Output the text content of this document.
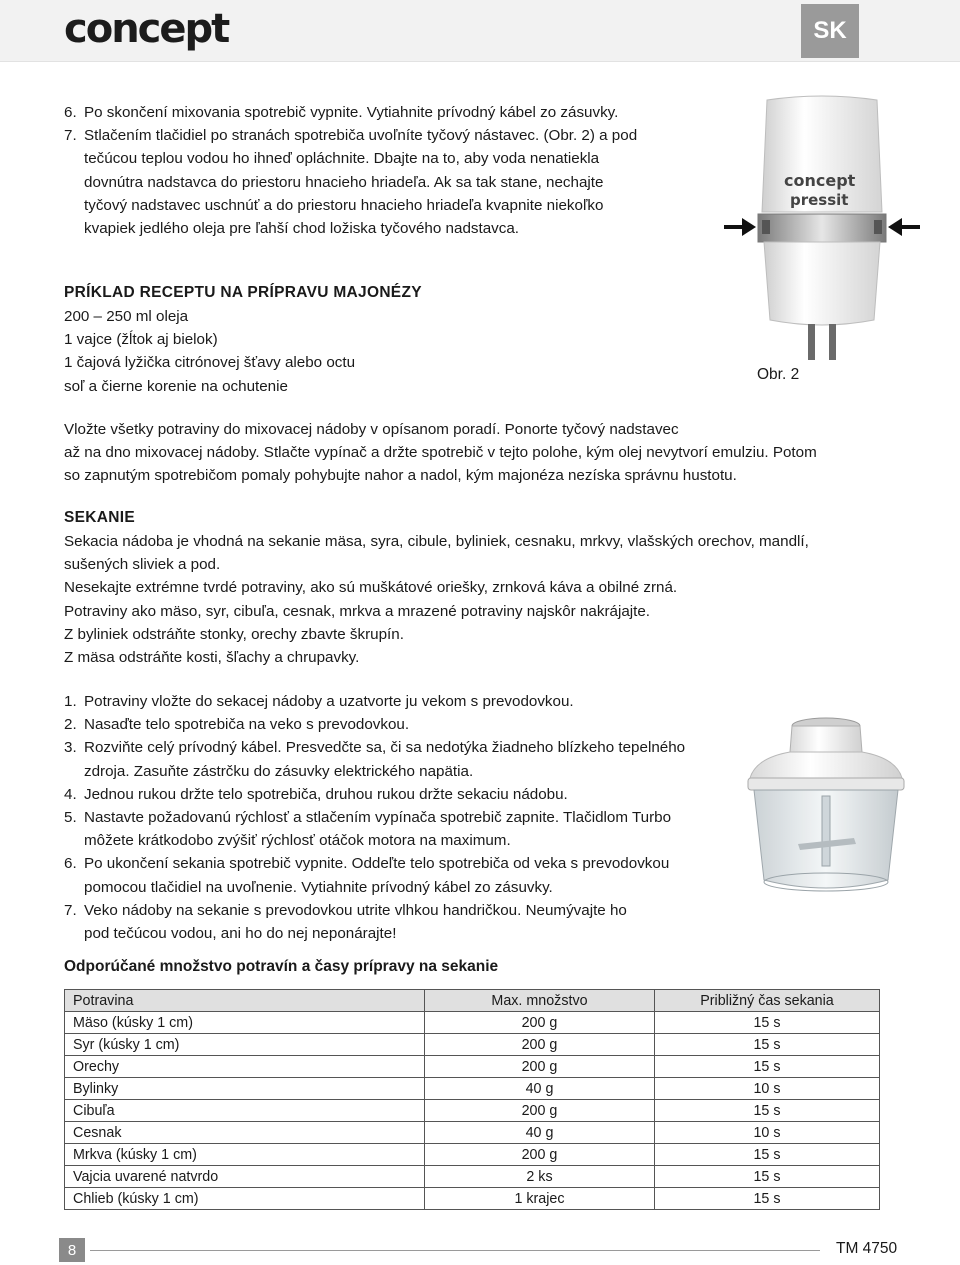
concept	SK
6. Po skončení mixovania spotrebič vypnite. Vytiahnite prívodný kábel zo zásuvky.
7. Stlačením tlačidiel po stranách spotrebiča uvoľníte tyčový nástavec. (Obr. 2) a pod
tečúcou teplou vodou ho ihneď opláchnite. Dbajte na to, aby voda nenatiekla
dovnútra nadstavca do priestoru hnacieho hriadeľa. Ak sa tak stane, nechajte
tyčový nadstavec uschnúť a do priestoru hnacieho hriadeľa kvapnite niekoľko
kvapiek jedlého oleja pre ľahší chod ložiska tyčového nadstavca.
concept
pressit
Obr. 2
PRÍKLAD RECEPTU NA PRÍPRAVU MAJONÉZY
200 – 250 ml oleja
1 vajce (žĺtok aj bielok)
1 čajová lyžička citrónovej šťavy alebo octu
soľ a čierne korenie na ochutenie
Vložte všetky potraviny do mixovacej nádoby v opísanom poradí. Ponorte tyčový nadstavec
až na dno mixovacej nádoby. Stlačte vypínač a držte spotrebič v tejto polohe, kým olej nevytvorí emulziu. Potom
so zapnutým spotrebičom pomaly pohybujte nahor a nadol, kým majonéza nezíska správnu hustotu.
SEKANIE
Sekacia nádoba je vhodná na sekanie mäsa, syra, cibule, byliniek, cesnaku, mrkvy, vlašských orechov, mandlí,
sušených sliviek a pod.
Nesekajte extrémne tvrdé potraviny, ako sú muškátové oriešky, zrnková káva a obilné zrná.
Potraviny ako mäso, syr, cibuľa, cesnak, mrkva a mrazené potraviny najskôr nakrájajte.
Z byliniek odstráňte stonky, orechy zbavte škrupín.
Z mäsa odstráňte kosti, šľachy a chrupavky.
1. Potraviny vložte do sekacej nádoby a uzatvorte ju vekom s prevodovkou.
2. Nasaďte telo spotrebiča na veko s prevodovkou.
3. Rozviňte celý prívodný kábel. Presvedčte sa, či sa nedotýka žiadneho blízkeho tepelného
zdroja. Zasuňte zástrčku do zásuvky elektrického napätia.
4. Jednou rukou držte telo spotrebiča, druhou rukou držte sekaciu nádobu.
5. Nastavte požadovanú rýchlosť a stlačením vypínača spotrebič zapnite. Tlačidlom Turbo
môžete krátkodobo zvýšiť rýchlosť otáčok motora na maximum.
6. Po ukončení sekania spotrebič vypnite. Oddeľte telo spotrebiča od veka s prevodovkou
pomocou tlačidiel na uvoľnenie. Vytiahnite prívodný kábel zo zásuvky.
7. Veko nádoby na sekanie s prevodovkou utrite vlhkou handričkou. Neumývajte ho
pod tečúcou vodou, ani ho do nej neponárajte!
Odporúčané množstvo potravín a časy prípravy na sekanie
Potravina	Max. množstvo	Približný čas sekania
Mäso (kúsky 1 cm)	200 g	15 s
Syr (kúsky 1 cm)	200 g	15 s
Orechy	200 g	15 s
Bylinky	40 g	10 s
Cibuľa	200 g	15 s
Cesnak	40 g	10 s
Mrkva (kúsky 1 cm)	200 g	15 s
Vajcia uvarené natvrdo	2 ks	15 s
Chlieb (kúsky 1 cm)	1 krajec	15 s
8	TM 4750
